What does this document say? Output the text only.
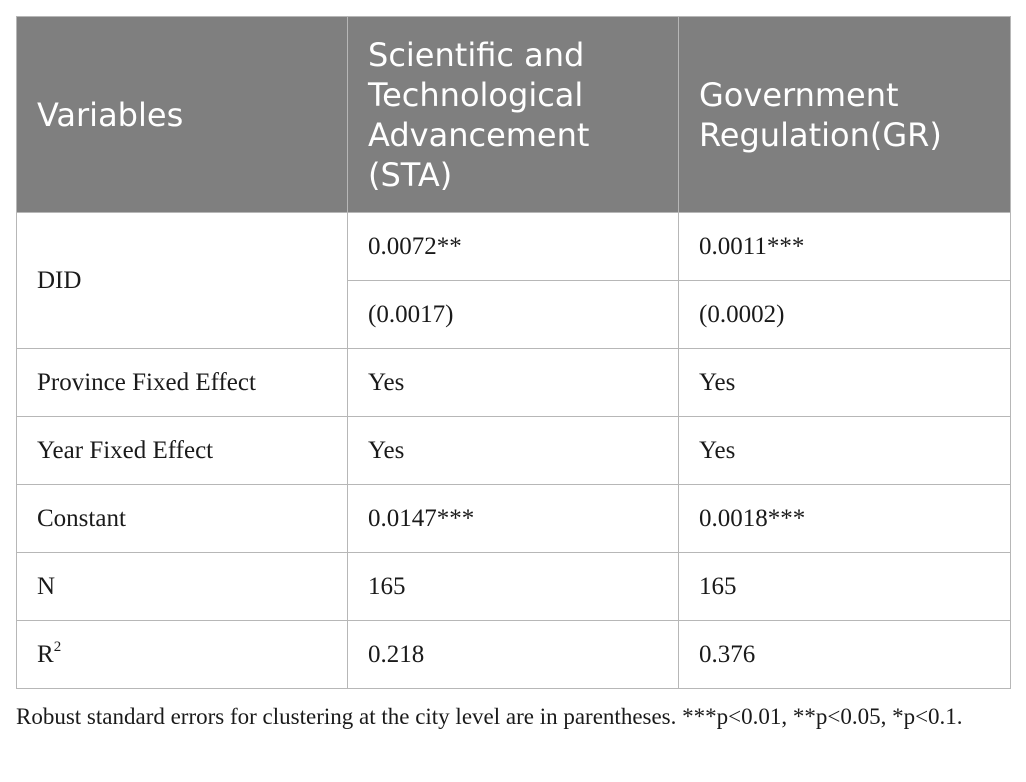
Variables	Scientific and Technological Advancement (STA)	Government Regulation(GR)
DID	0.0072**	0.0011***
	(0.0017)	(0.0002)
Province Fixed Effect	Yes	Yes
Year Fixed Effect	Yes	Yes
Constant	0.0147***	0.0018***
N	165	165
$R^2$	0.218	0.376
Robust standard errors for clustering at the city level are in parentheses. ***p<0.01, **p<0.05, *p<0.1.
